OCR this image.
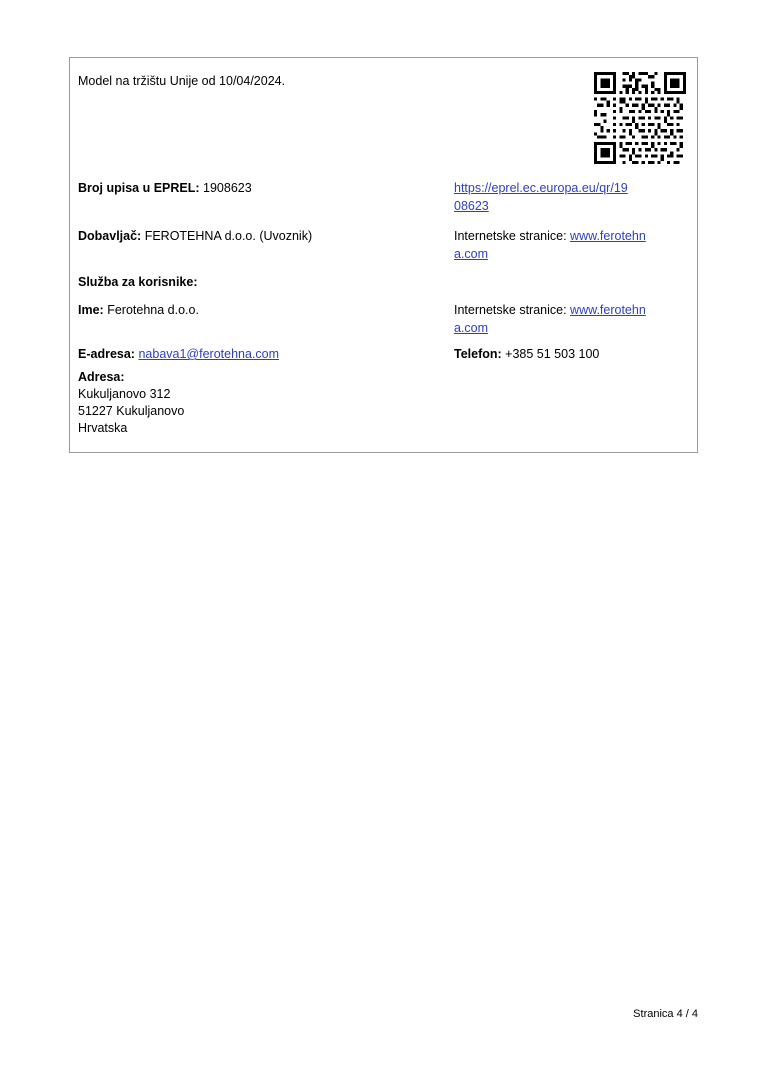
Model na tržištu Unije od 10/04/2024.
Broj upisa u EPREL: 1908623	https://eprel.ec.europa.eu/qr/19
08623
Dobavljač: FEROTEHNA d.o.o. (Uvoznik)	Internetske stranice: www.ferotehn
a.com
Služba za korisnike:
Ime: Ferotehna d.o.o.	Internetske stranice: www.ferotehn
a.com
E-adresa: nabava1@ferotehna.com	Telefon: +385 51 503 100
Adresa:
Kukuljanovo 312
51227 Kukuljanovo
Hrvatska
Stranica 4 / 4
